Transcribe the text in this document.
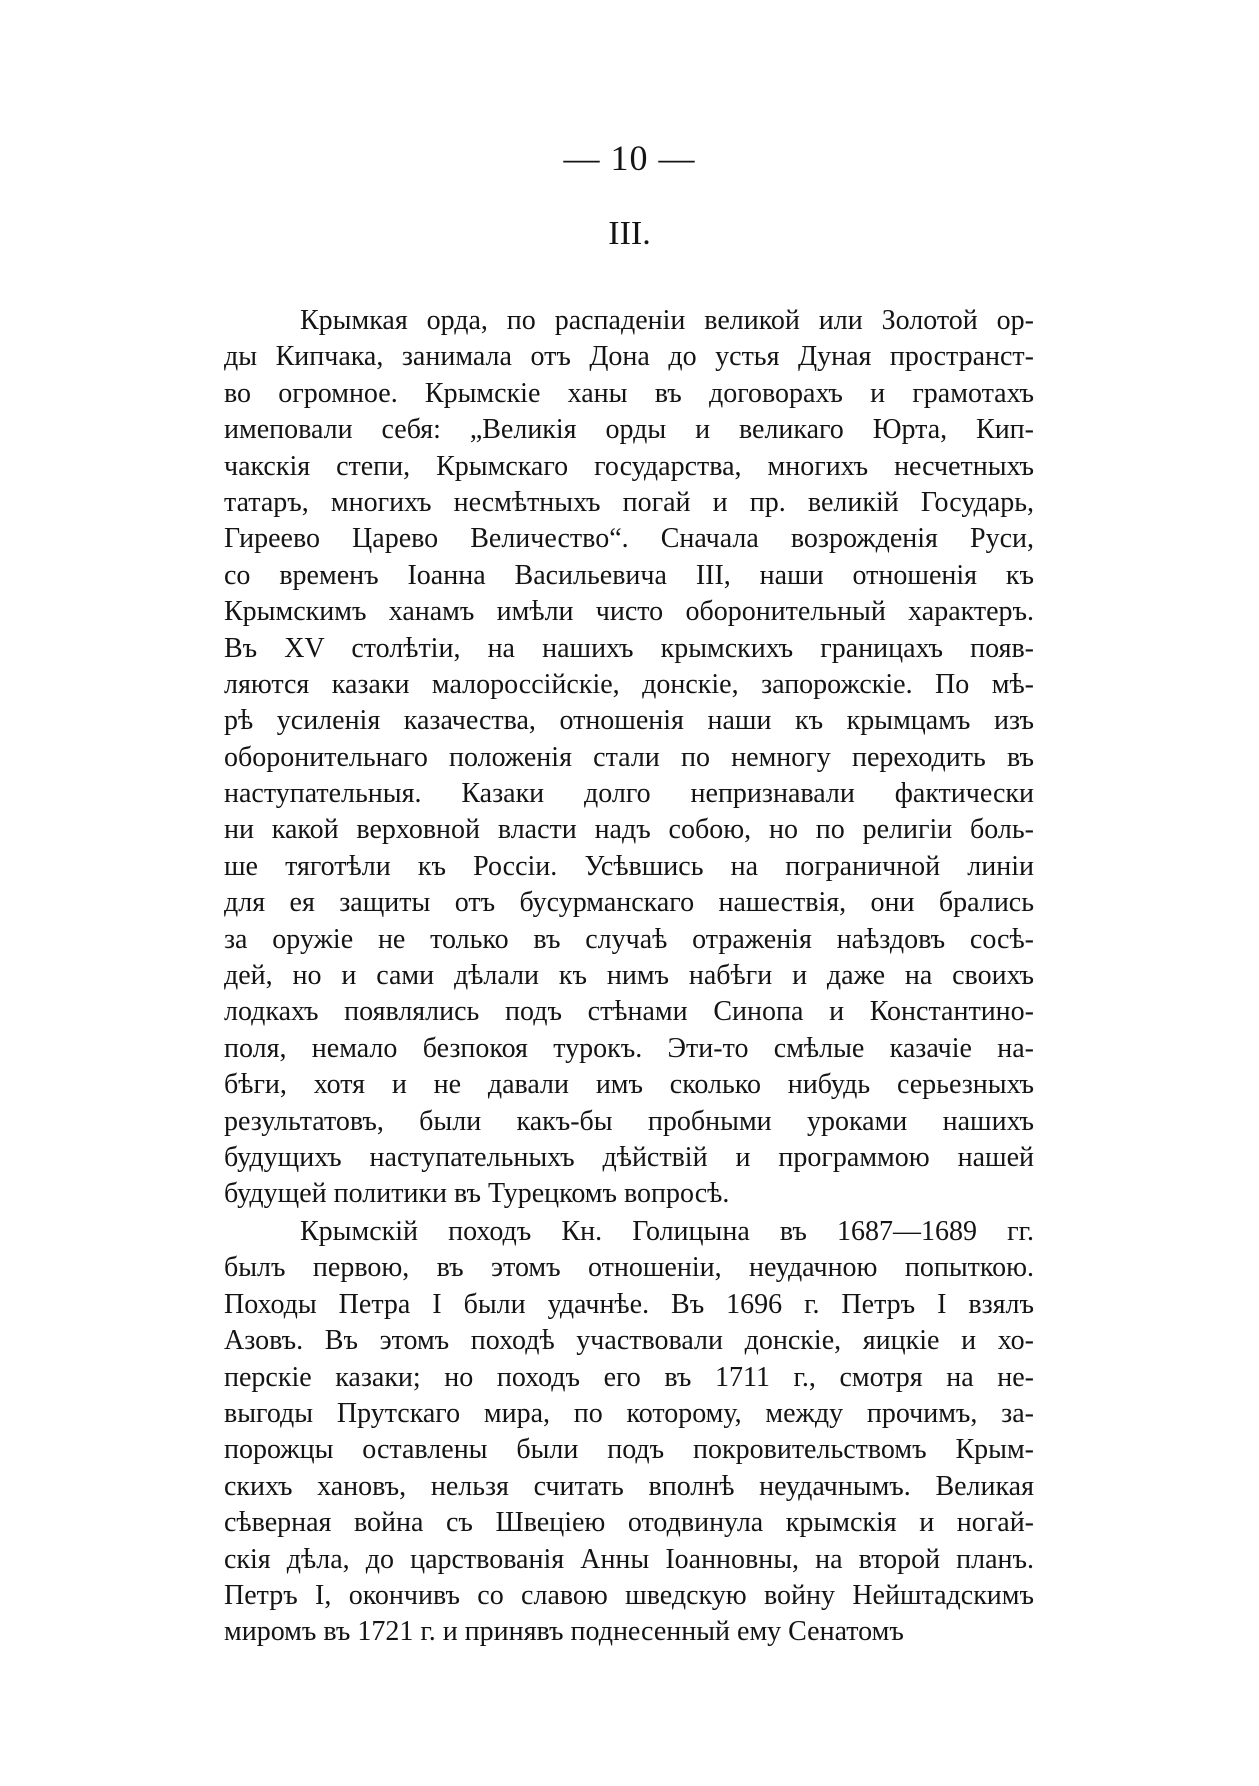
— 10 —
III.
Крымкая орда, по распаденіи великой или Золотой ор-
ды Кипчака, занимала отъ Дона до устья Дуная пространст-
во огромное. Крымскіе ханы въ договорахъ и грамотахъ
имеповали себя: „Великія орды и великаго Юрта, Кип-
чакскія степи, Крымскаго государства, многихъ несчетныхъ
татаръ, многихъ несмѣтныхъ погай и пр. великій Государь,
Гиреево Царево Величество“. Сначала возрожденія Руси,
со временъ Іоанна Васильевича III, наши отношенія къ
Крымскимъ ханамъ имѣли чисто оборонительный характеръ.
Въ XV столѣтіи, на нашихъ крымскихъ границахъ появ-
ляются казаки малороссійскіе, донскіе, запорожскіе. По мѣ-
рѣ усиленія казачества, отношенія наши къ крымцамъ изъ
оборонительнаго положенія стали по немногу переходить въ
наступательныя. Казаки долго непризнавали фактически
ни какой верховной власти надъ собою, но по религіи боль-
ше тяготѣли къ Россіи. Усѣвшись на пограничной линіи
для ея защиты отъ бусурманскаго нашествія, они брались
за оружіе не только въ случаѣ отраженія наѣздовъ сосѣ-
дей, но и сами дѣлали къ нимъ набѣги и даже на своихъ
лодкахъ появлялись подъ стѣнами Синопа и Константино-
поля, немало безпокоя турокъ. Эти-то смѣлые казачіе на-
бѣги, хотя и не давали имъ сколько нибудь серьезныхъ
результатовъ, были какъ-бы пробными уроками нашихъ
будущихъ наступательныхъ дѣйствій и программою нашей
будущей политики въ Турецкомъ вопросѣ.
Крымскій походъ Кн. Голицына въ 1687—1689 гг.
былъ первою, въ этомъ отношеніи, неудачною попыткою.
Походы Петра I были удачнѣе. Въ 1696 г. Петръ I взялъ
Азовъ. Въ этомъ походѣ участвовали донскіе, яицкіе и хо-
перскіе казаки; но походъ его въ 1711 г., смотря на не-
выгоды Прутскаго мира, по которому, между прочимъ, за-
порожцы оставлены были подъ покровительствомъ Крым-
скихъ хановъ, нельзя считать вполнѣ неудачнымъ. Великая
сѣверная война съ Швеціею отодвинула крымскія и ногай-
скія дѣла, до царствованія Анны Іоанновны, на второй планъ.
Петръ I, окончивъ со славою шведскую войну Нейштадскимъ
миромъ въ 1721 г. и принявъ поднесенный ему Сенатомъ
